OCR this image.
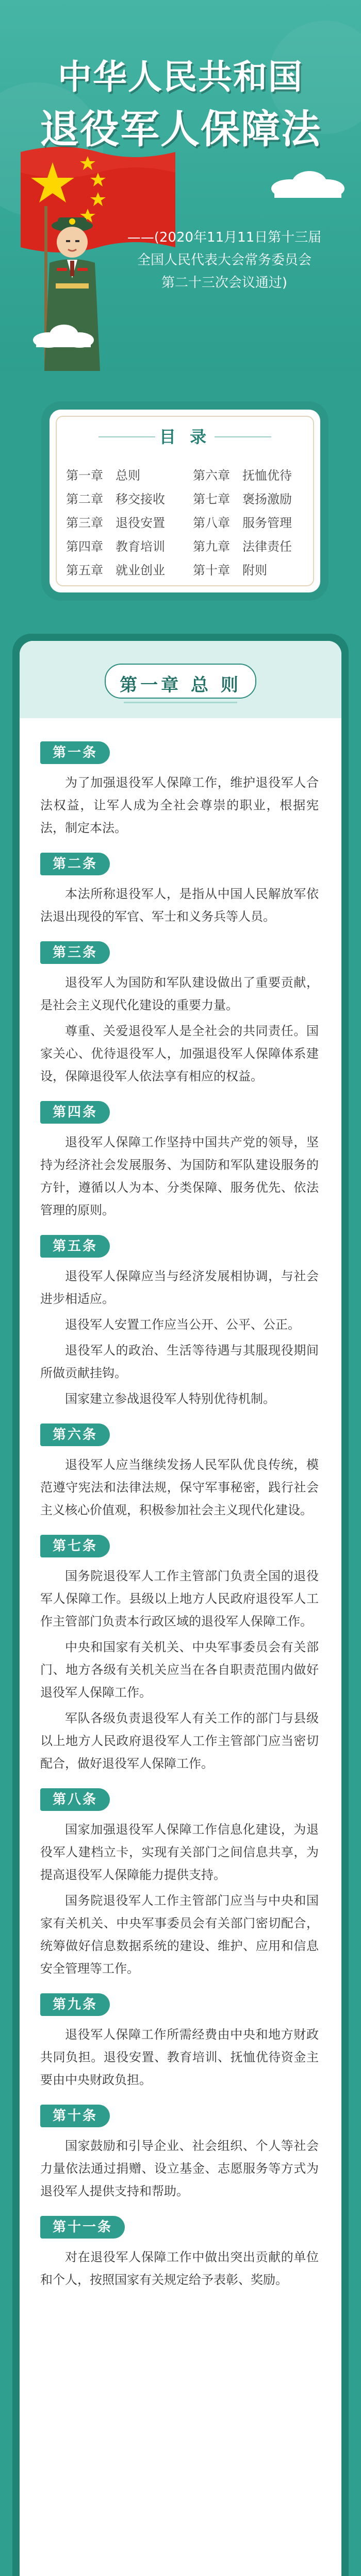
中华人民共和国
退役军人保障法
——(2020年11月11日第十三届
全国人民代表大会常务委员会
第二十三次会议通过)
目 录
第一章	总则
第二章	移交接收
第三章	退役安置
第四章	教育培训
第五章	就业创业
第六章	抚恤优待
第七章	褒扬激励
第八章	服务管理
第九章	法律责任
第十章	附则
第一章 总 则
第一条

为了加强退役军人保障工作，维护退役军人合法权益，让军人成为全社会尊崇的职业，根据宪法，制定本法。

第二条

本法所称退役军人，是指从中国人民解放军依法退出现役的军官、军士和义务兵等人员。

第三条

退役军人为国防和军队建设做出了重要贡献，是社会主义现代化建设的重要力量。

尊重、关爱退役军人是全社会的共同责任。国家关心、优待退役军人，加强退役军人保障体系建设，保障退役军人依法享有相应的权益。

第四条

退役军人保障工作坚持中国共产党的领导，坚持为经济社会发展服务、为国防和军队建设服务的方针，遵循以人为本、分类保障、服务优先、依法管理的原则。

第五条

退役军人保障应当与经济发展相协调，与社会进步相适应。

退役军人安置工作应当公开、公平、公正。

退役军人的政治、生活等待遇与其服现役期间所做贡献挂钩。

国家建立参战退役军人特别优待机制。

第六条

退役军人应当继续发扬人民军队优良传统，模范遵守宪法和法律法规，保守军事秘密，践行社会主义核心价值观，积极参加社会主义现代化建设。

第七条

国务院退役军人工作主管部门负责全国的退役军人保障工作。县级以上地方人民政府退役军人工作主管部门负责本行政区域的退役军人保障工作。

中央和国家有关机关、中央军事委员会有关部门、地方各级有关机关应当在各自职责范围内做好退役军人保障工作。

军队各级负责退役军人有关工作的部门与县级以上地方人民政府退役军人工作主管部门应当密切配合，做好退役军人保障工作。

第八条

国家加强退役军人保障工作信息化建设，为退役军人建档立卡，实现有关部门之间信息共享，为提高退役军人保障能力提供支持。

国务院退役军人工作主管部门应当与中央和国家有关机关、中央军事委员会有关部门密切配合，统筹做好信息数据系统的建设、维护、应用和信息安全管理等工作。

第九条

退役军人保障工作所需经费由中央和地方财政共同负担。退役安置、教育培训、抚恤优待资金主要由中央财政负担。

第十条

国家鼓励和引导企业、社会组织、个人等社会力量依法通过捐赠、设立基金、志愿服务等方式为退役军人提供支持和帮助。

第十一条

对在退役军人保障工作中做出突出贡献的单位和个人，按照国家有关规定给予表彰、奖励。
